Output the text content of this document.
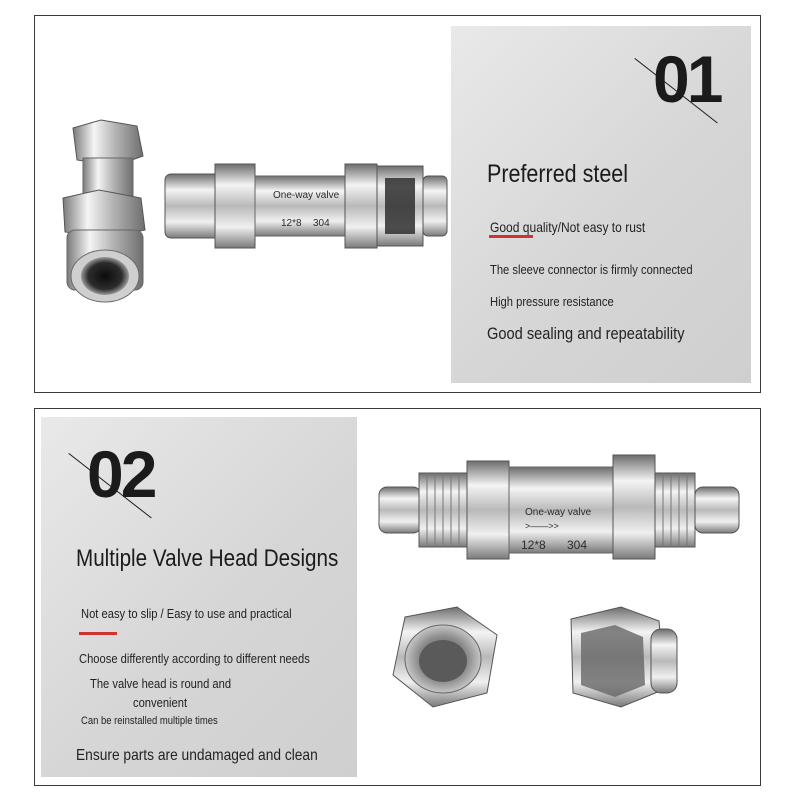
One-way valve
12*8 304
01
Preferred steel
Good quality/Not easy to rust
The sleeve connector is firmly connected
High pressure resistance
Good sealing and repeatability
02
Multiple Valve Head Designs
Not easy to slip / Easy to use and practical
Choose differently according to different needs
The valve head is round and
convenient
Can be reinstalled multiple times
Ensure parts are undamaged and clean
One-way valve
>——>>
12*8 304
